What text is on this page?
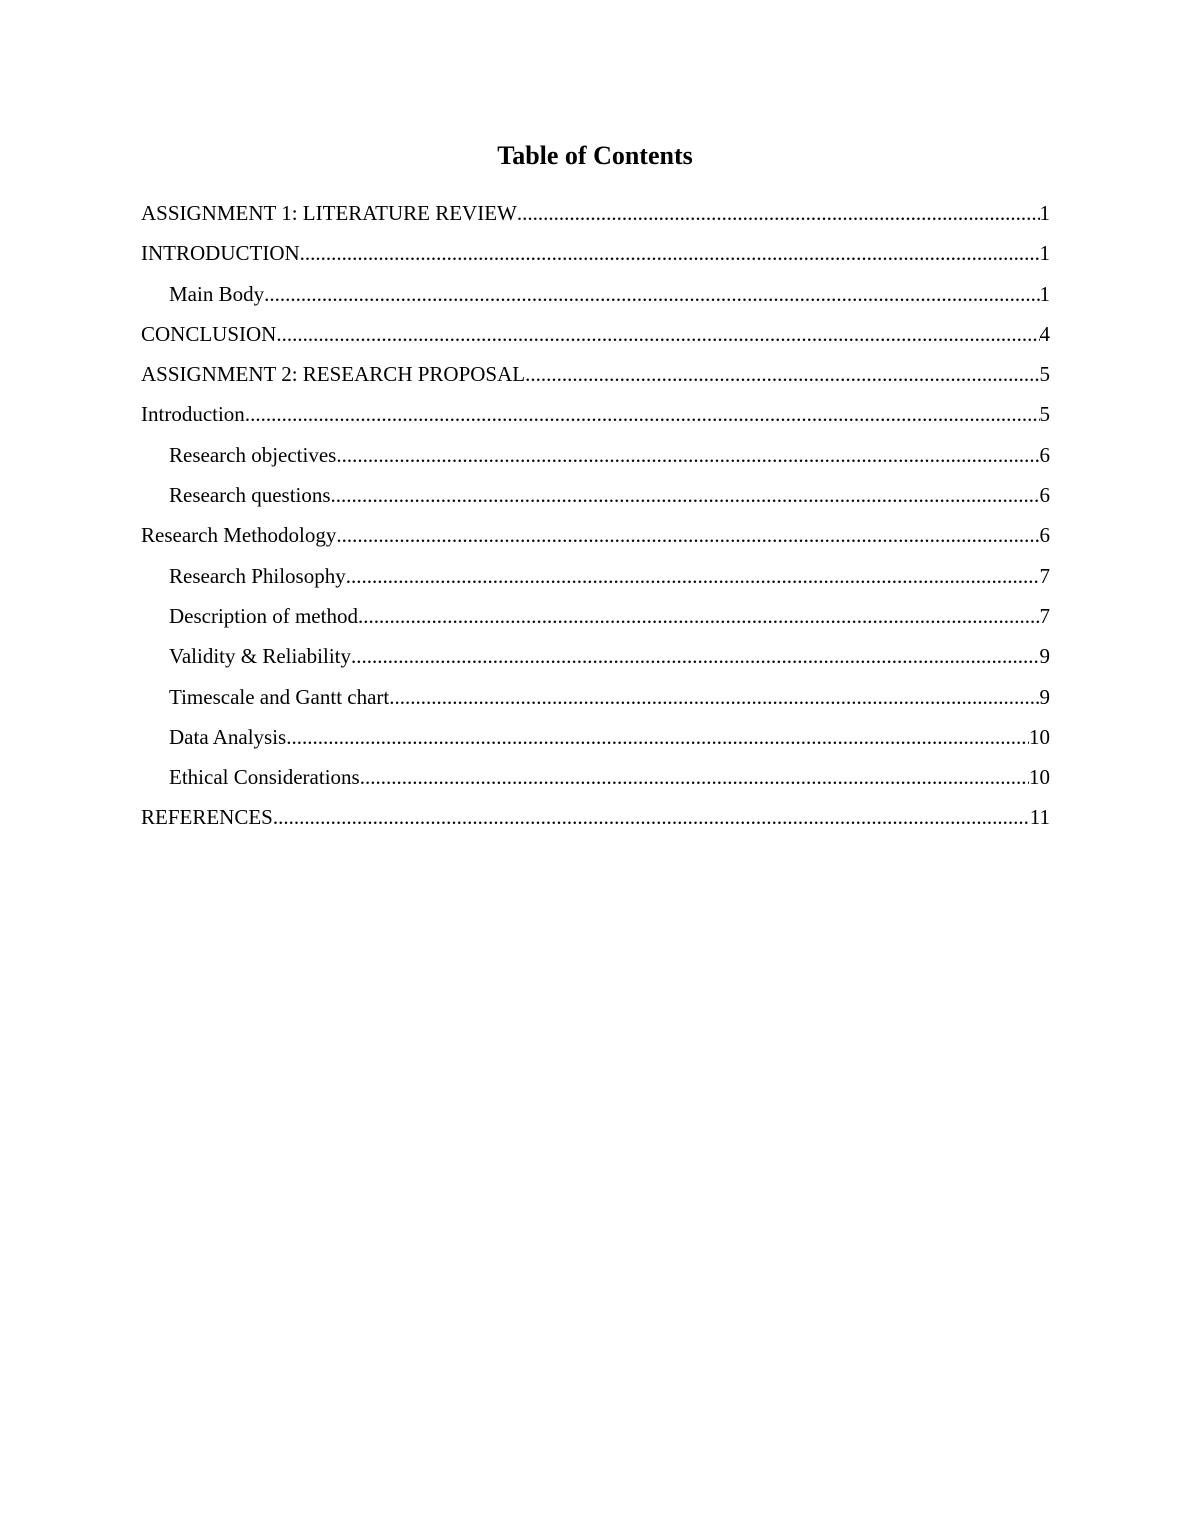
Table of Contents
ASSIGNMENT 1: LITERATURE REVIEW .....	1
INTRODUCTION .....	1
Main Body .....	1
CONCLUSION .....	4
ASSIGNMENT 2: RESEARCH PROPOSAL .....	5
Introduction .....	5
Research objectives .....	6
Research questions .....	6
Research Methodology .....	6
Research Philosophy .....	7
Description of method .....	7
Validity & Reliability .....	9
Timescale and Gantt chart .....	9
Data Analysis .....	10
Ethical Considerations .....	10
REFERENCES .....	11
